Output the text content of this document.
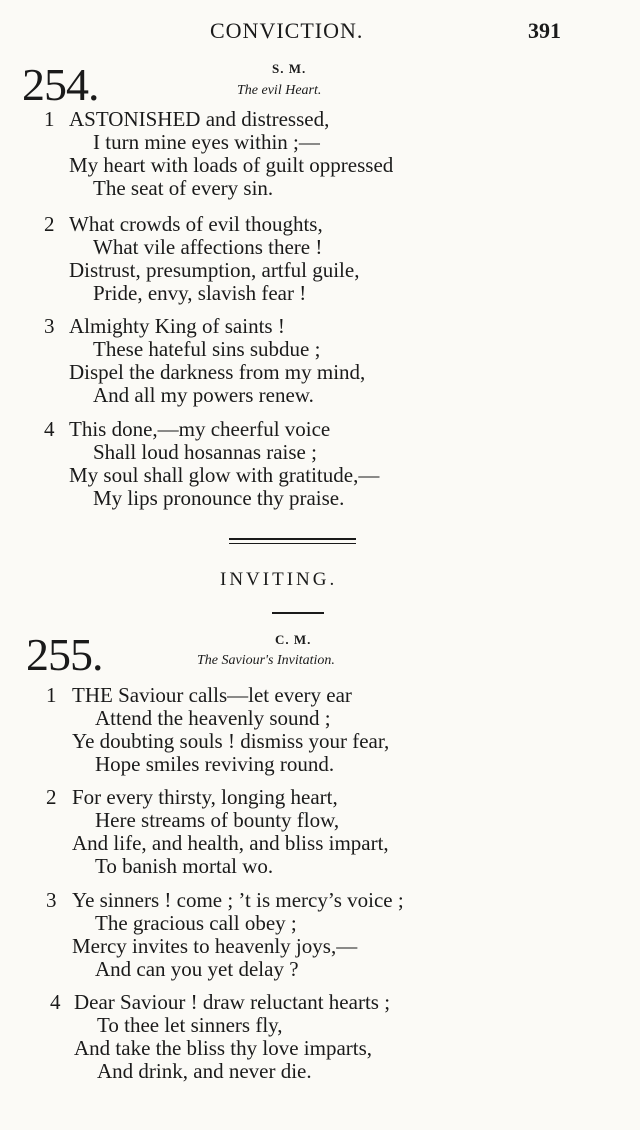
CONVICTION.	391
254.	S. M.
The evil Heart.
1 ASTONISHED and distressed,
I turn mine eyes within ;—
My heart with loads of guilt oppressed
The seat of every sin.
2 What crowds of evil thoughts,
What vile affections there !
Distrust, presumption, artful guile,
Pride, envy, slavish fear !
3 Almighty King of saints !
These hateful sins subdue ;
Dispel the darkness from my mind,
And all my powers renew.
4 This done,—my cheerful voice
Shall loud hosannas raise ;
My soul shall glow with gratitude,—
My lips pronounce thy praise.
INVITING.
255.	C. M.
The Saviour's Invitation.
1 THE Saviour calls—let every ear
Attend the heavenly sound ;
Ye doubting souls ! dismiss your fear,
Hope smiles reviving round.
2 For every thirsty, longing heart,
Here streams of bounty flow,
And life, and health, and bliss impart,
To banish mortal wo.
3 Ye sinners ! come ; ’t is mercy’s voice ;
The gracious call obey ;
Mercy invites to heavenly joys,—
And can you yet delay ?
4 Dear Saviour ! draw reluctant hearts ;
To thee let sinners fly,
And take the bliss thy love imparts,
And drink, and never die.
